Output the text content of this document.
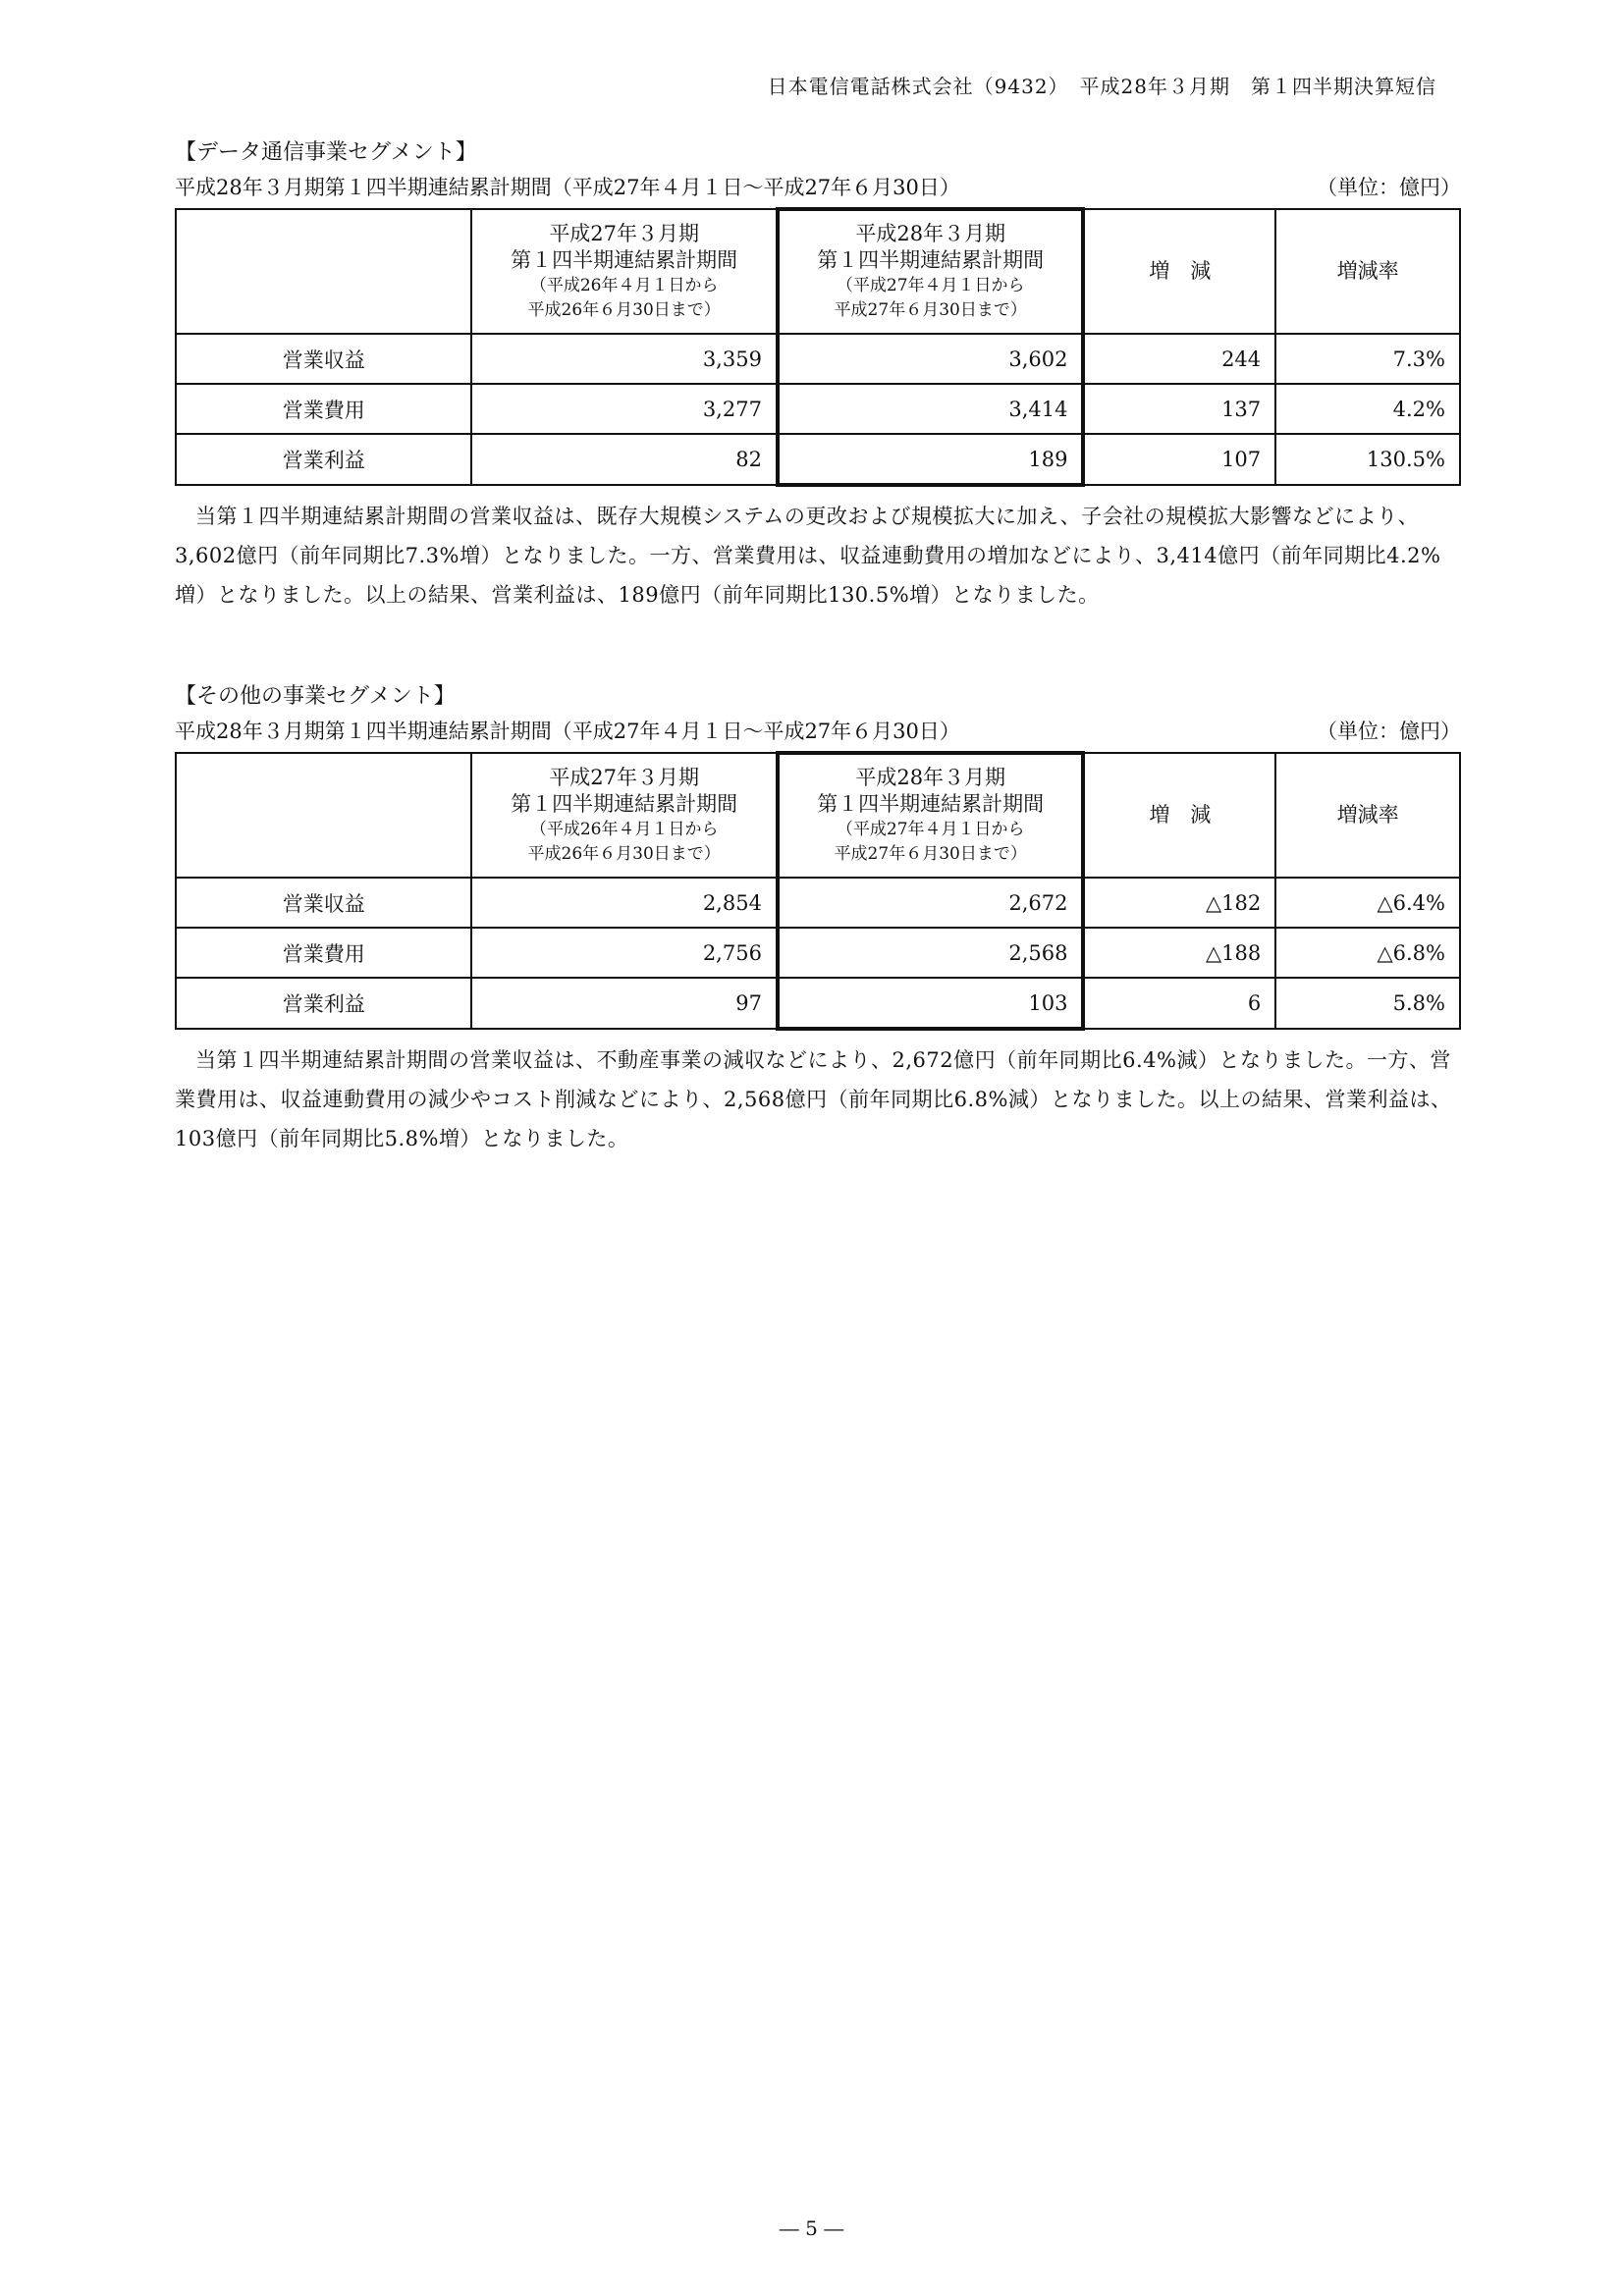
日本電信電話株式会社（9432）　平成28年３月期　第１四半期決算短信
【データ通信事業セグメント】
平成28年３月期第１四半期連結累計期間（平成27年４月１日～平成27年６月30日）	（単位：億円）

	平成27年３月期
第１四半期連結累計期間
（平成26年４月１日から
平成26年６月30日まで）	平成28年３月期
第１四半期連結累計期間
（平成27年４月１日から
平成27年６月30日まで）	増　減	増減率

営業収益	3,359	3,602	244	7.3%
営業費用	3,277	3,414	137	4.2%
営業利益	82	189	107	130.5%
当第１四半期連結累計期間の営業収益は、既存大規模システムの更改および規模拡大に加え、子会社の規模拡大影響などにより、3,602億円（前年同期比7.3%増）となりました。一方、営業費用は、収益連動費用の増加などにより、3,414億円（前年同期比4.2%増）となりました。以上の結果、営業利益は、189億円（前年同期比130.5%増）となりました。
【その他の事業セグメント】
平成28年３月期第１四半期連結累計期間（平成27年４月１日～平成27年６月30日）	（単位：億円）

	平成27年３月期
第１四半期連結累計期間
（平成26年４月１日から
平成26年６月30日まで）	平成28年３月期
第１四半期連結累計期間
（平成27年４月１日から
平成27年６月30日まで）	増　減	増減率

営業収益	2,854	2,672	△182	△6.4%
営業費用	2,756	2,568	△188	△6.8%
営業利益	97	103	6	5.8%
当第１四半期連結累計期間の営業収益は、不動産事業の減収などにより、2,672億円（前年同期比6.4%減）となりました。一方、営業費用は、収益連動費用の減少やコスト削減などにより、2,568億円（前年同期比6.8%減）となりました。以上の結果、営業利益は、103億円（前年同期比5.8%増）となりました。
― 5 ―
